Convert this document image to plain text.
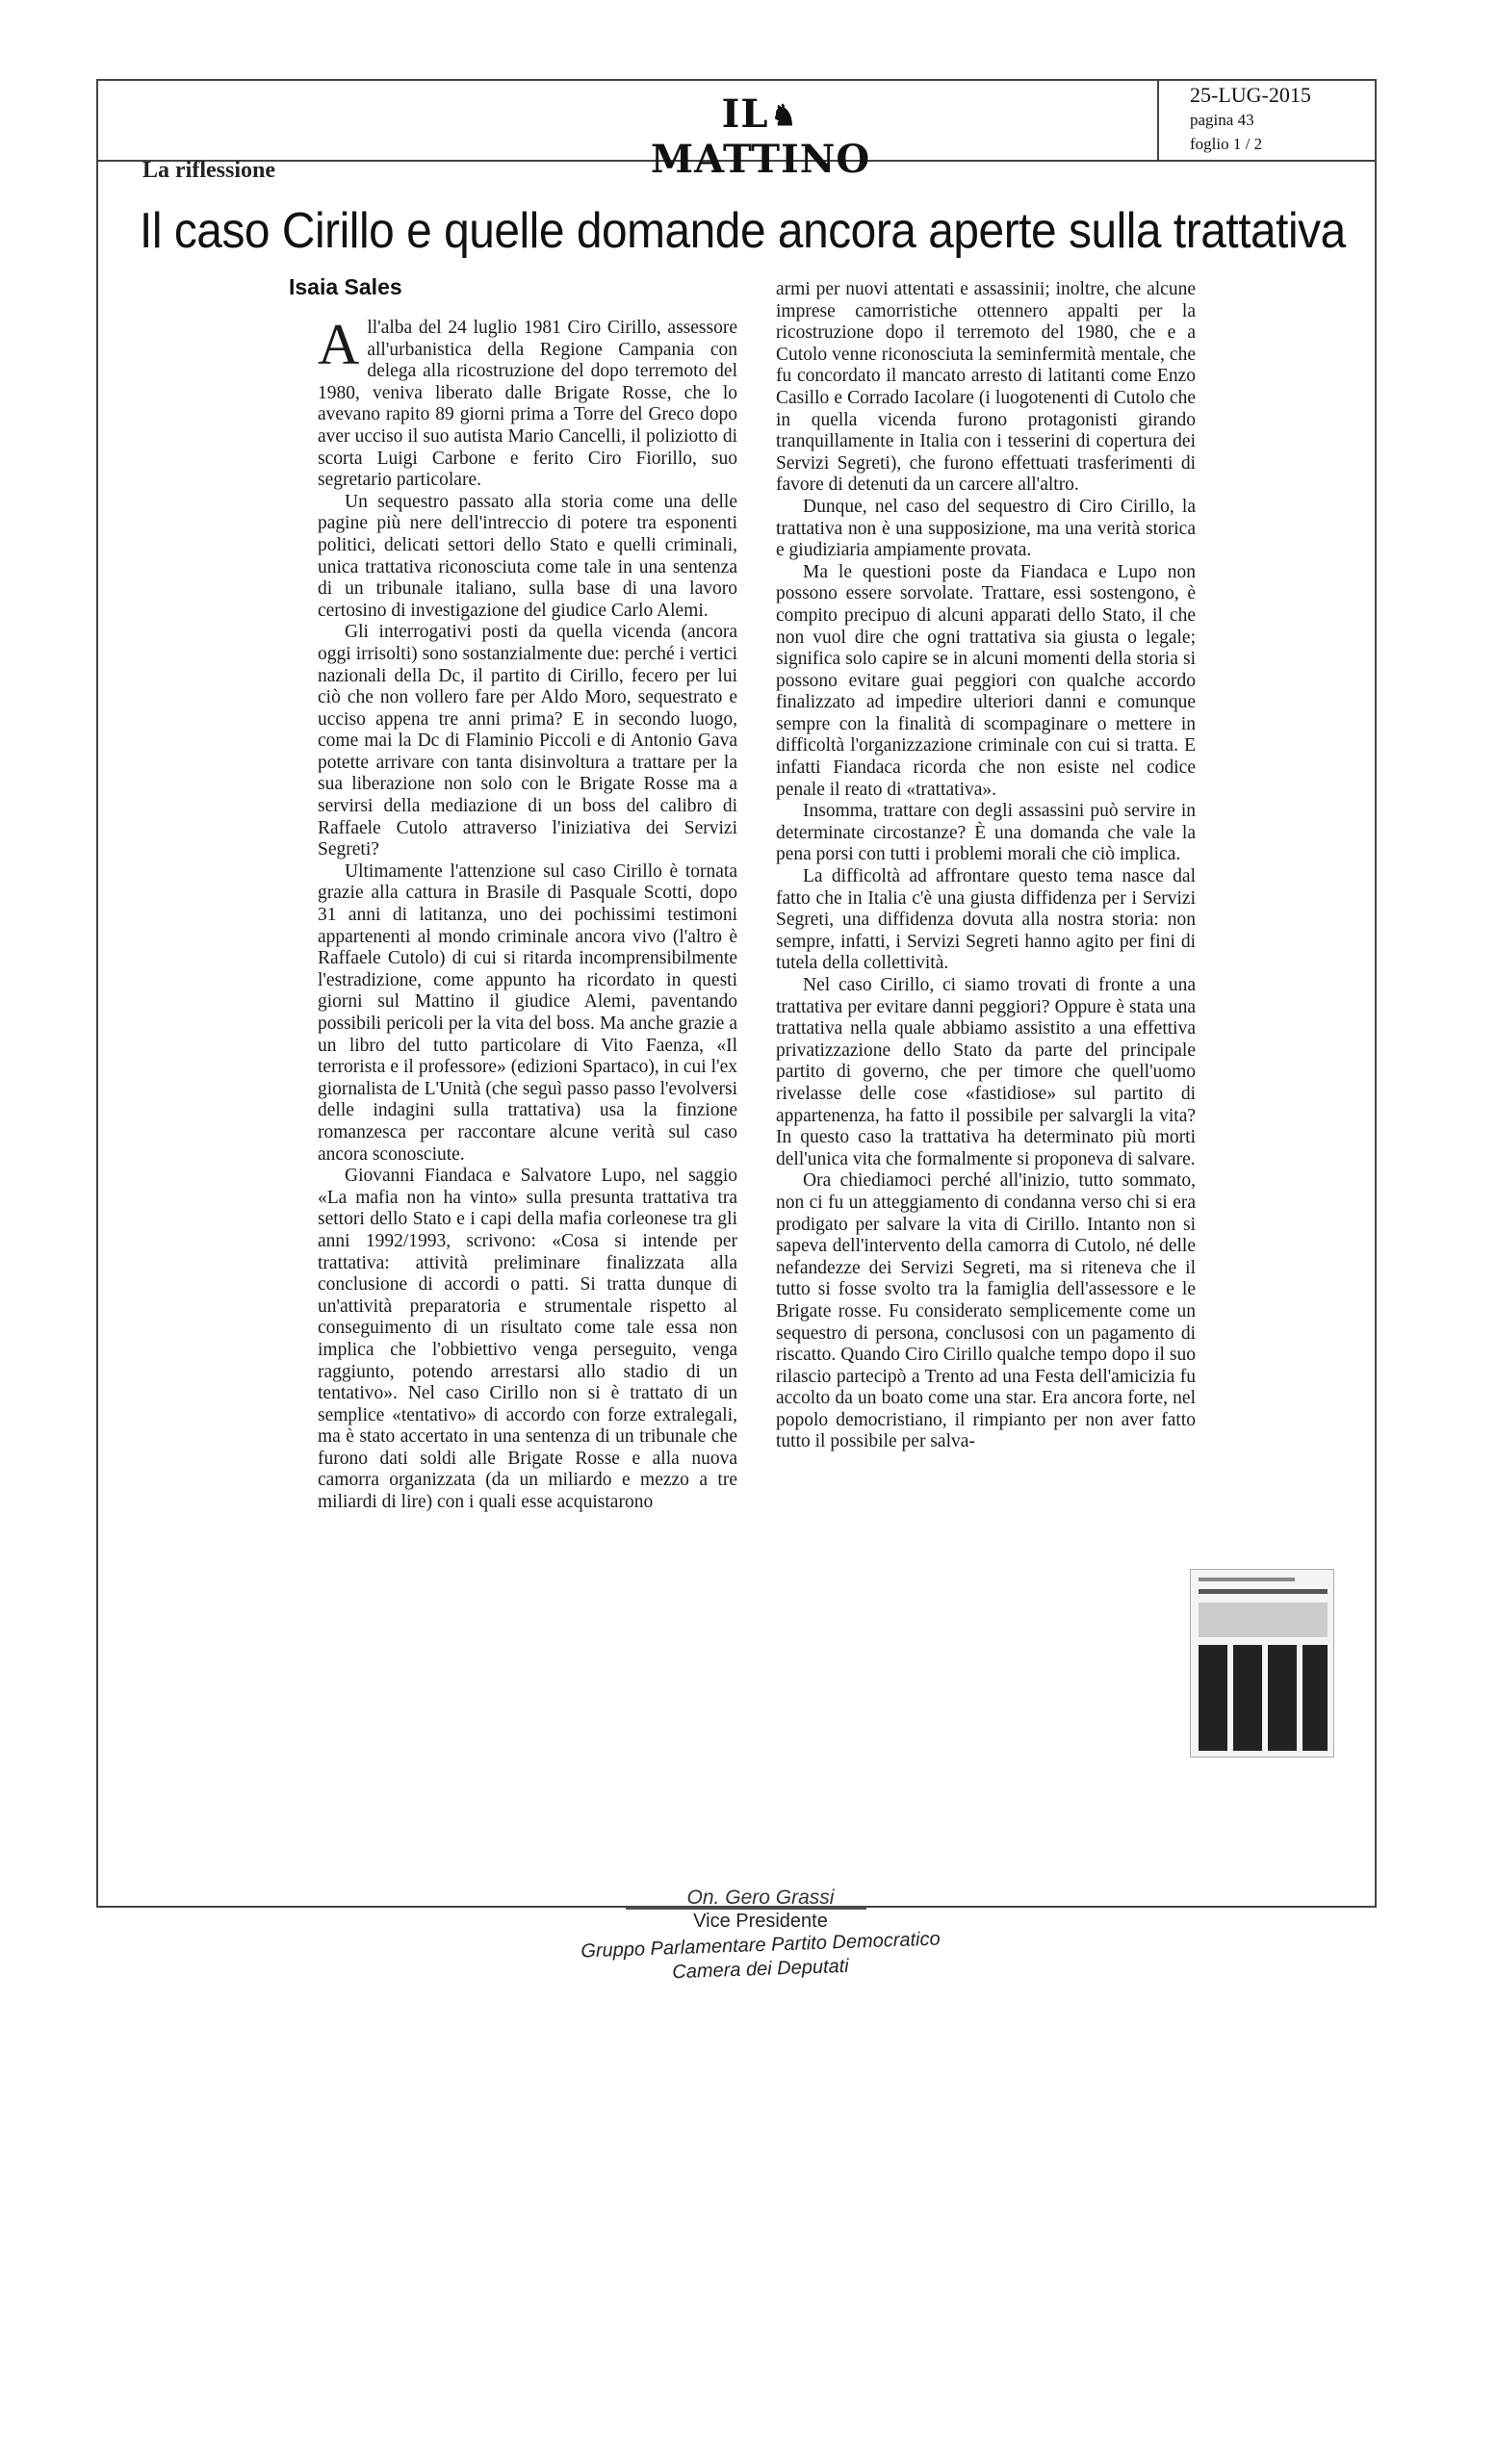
IL♞MATTINO
25-LUG-2015
pagina 43
foglio 1 / 2
La riflessione
Il caso Cirillo e quelle domande ancora aperte sulla trattativa
Isaia Sales

All'alba del 24 luglio 1981 Ciro Cirillo, assessore all'urbanistica della Regione Campania con delega alla ricostruzione del dopo terremoto del 1980, veniva liberato dalle Brigate Rosse, che lo avevano rapito 89 giorni prima a Torre del Greco dopo aver ucciso il suo autista Mario Cancelli, il poliziotto di scorta Luigi Carbone e ferito Ciro Fiorillo, suo segretario particolare.

Un sequestro passato alla storia come una delle pagine più nere dell'intreccio di potere tra esponenti politici, delicati settori dello Stato e quelli criminali, unica trattativa riconosciuta come tale in una sentenza di un tribunale italiano, sulla base di una lavoro certosino di investigazione del giudice Carlo Alemi.

Gli interrogativi posti da quella vicenda (ancora oggi irrisolti) sono sostanzialmente due: perché i vertici nazionali della Dc, il partito di Cirillo, fecero per lui ciò che non vollero fare per Aldo Moro, sequestrato e ucciso appena tre anni prima? E in secondo luogo, come mai la Dc di Flaminio Piccoli e di Antonio Gava potette arrivare con tanta disinvoltura a trattare per la sua liberazione non solo con le Brigate Rosse ma a servirsi della mediazione di un boss del calibro di Raffaele Cutolo attraverso l'iniziativa dei Servizi Segreti?

Ultimamente l'attenzione sul caso Cirillo è tornata grazie alla cattura in Brasile di Pasquale Scotti, dopo 31 anni di latitanza, uno dei pochissimi testimoni appartenenti al mondo criminale ancora vivo (l'altro è Raffaele Cutolo) di cui si ritarda incomprensibilmente l'estradizione, come appunto ha ricordato in questi giorni sul Mattino il giudice Alemi, paventando possibili pericoli per la vita del boss. Ma anche grazie a un libro del tutto particolare di Vito Faenza, «Il terrorista e il professore» (edizioni Spartaco), in cui l'ex giornalista de L'Unità (che seguì passo passo l'evolversi delle indagini sulla trattativa) usa la finzione romanzesca per raccontare alcune verità sul caso ancora sconosciute.

Giovanni Fiandaca e Salvatore Lupo, nel saggio «La mafia non ha vinto» sulla presunta trattativa tra settori dello Stato e i capi della mafia corleonese tra gli anni 1992/1993, scrivono: «Cosa si intende per trattativa: attività preliminare finalizzata alla conclusione di accordi o patti. Si tratta dunque di un'attività preparatoria e strumentale rispetto al conseguimento di un risultato come tale essa non implica che l'obbiettivo venga perseguito, venga raggiunto, potendo arrestarsi allo stadio di un tentativo». Nel caso Cirillo non si è trattato di un semplice «tentativo» di accordo con forze extralegali, ma è stato accertato in una sentenza di un tribunale che furono dati soldi alle Brigate Rosse e alla nuova camorra organizzata (da un miliardo e mezzo a tre miliardi di lire) con i quali esse acquistarono

armi per nuovi attentati e assassinii; inoltre, che alcune imprese camorristiche ottennero appalti per la ricostruzione dopo il terremoto del 1980, che e a Cutolo venne riconosciuta la seminfermità mentale, che fu concordato il mancato arresto di latitanti come Enzo Casillo e Corrado Iacolare (i luogotenenti di Cutolo che in quella vicenda furono protagonisti girando tranquillamente in Italia con i tesserini di copertura dei Servizi Segreti), che furono effettuati trasferimenti di favore di detenuti da un carcere all'altro.

Dunque, nel caso del sequestro di Ciro Cirillo, la trattativa non è una supposizione, ma una verità storica e giudiziaria ampiamente provata.

Ma le questioni poste da Fiandaca e Lupo non possono essere sorvolate. Trattare, essi sostengono, è compito precipuo di alcuni apparati dello Stato, il che non vuol dire che ogni trattativa sia giusta o legale; significa solo capire se in alcuni momenti della storia si possono evitare guai peggiori con qualche accordo finalizzato ad impedire ulteriori danni e comunque sempre con la finalità di scompaginare o mettere in difficoltà l'organizzazione criminale con cui si tratta. E infatti Fiandaca ricorda che non esiste nel codice penale il reato di «trattativa».

Insomma, trattare con degli assassini può servire in determinate circostanze? È una domanda che vale la pena porsi con tutti i problemi morali che ciò implica.

La difficoltà ad affrontare questo tema nasce dal fatto che in Italia c'è una giusta diffidenza per i Servizi Segreti, una diffidenza dovuta alla nostra storia: non sempre, infatti, i Servizi Segreti hanno agito per fini di tutela della collettività.

Nel caso Cirillo, ci siamo trovati di fronte a una trattativa per evitare danni peggiori? Oppure è stata una trattativa nella quale abbiamo assistito a una effettiva privatizzazione dello Stato da parte del principale partito di governo, che per timore che quell'uomo rivelasse delle cose «fastidiose» sul partito di appartenenza, ha fatto il possibile per salvargli la vita? In questo caso la trattativa ha determinato più morti dell'unica vita che formalmente si proponeva di salvare.

Ora chiediamoci perché all'inizio, tutto sommato, non ci fu un atteggiamento di condanna verso chi si era prodigato per salvare la vita di Cirillo. Intanto non si sapeva dell'intervento della camorra di Cutolo, né delle nefandezze dei Servizi Segreti, ma si riteneva che il tutto si fosse svolto tra la famiglia dell'assessore e le Brigate rosse. Fu considerato semplicemente come un sequestro di persona, conclusosi con un pagamento di riscatto. Quando Ciro Cirillo qualche tempo dopo il suo rilascio partecipò a Trento ad una Festa dell'amicizia fu accolto da un boato come una star. Era ancora forte, nel popolo democristiano, il rimpianto per non aver fatto tutto il possibile per salva-

On. Gero Grassi
Vice Presidente
Gruppo Parlamentare Partito Democratico
Camera dei Deputati
